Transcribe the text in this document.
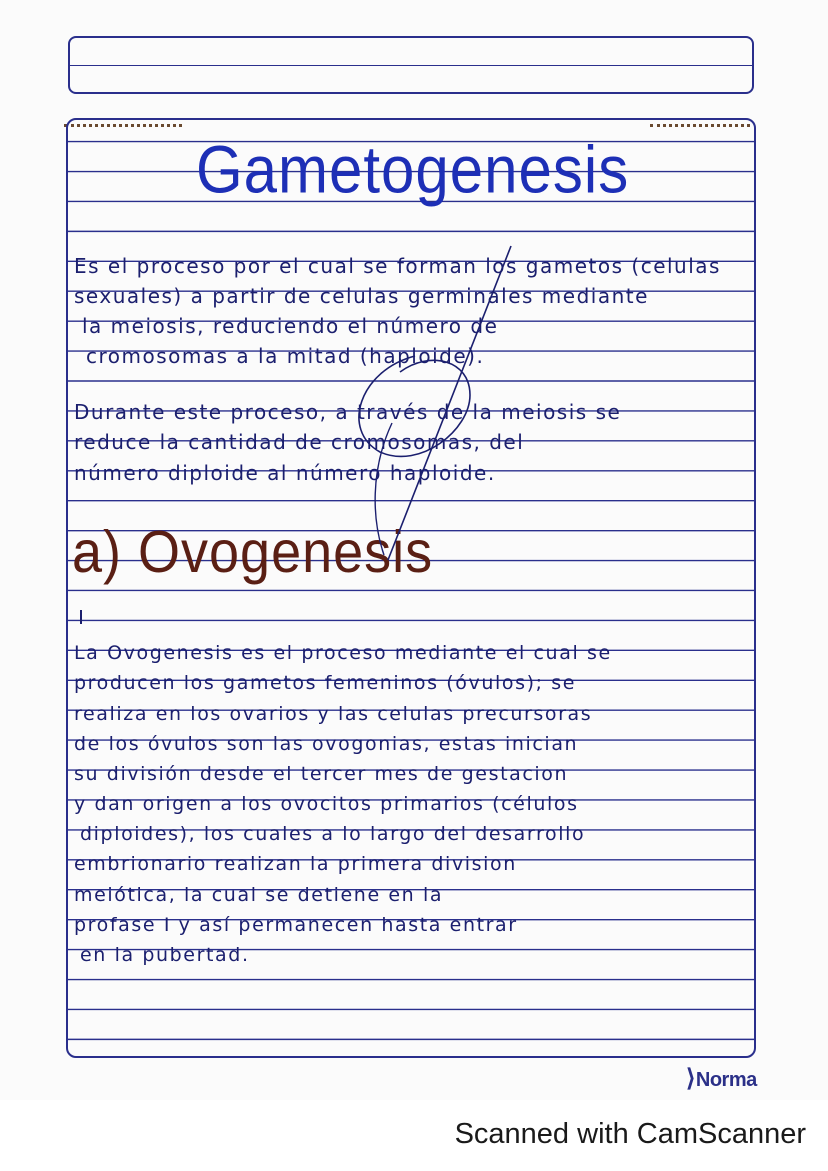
Gametogenesis
Es el proceso por el cual se forman los gametos (celulas
sexuales) a partir de celulas germinales mediante
la meiosis, reduciendo el número de
cromosomas a la mitad (haploide).
Durante este proceso, a través de la meiosis se
reduce la cantidad de cromosomas, del
número diploide al número haploide.
a) Ovogenesis
La Ovogenesis es el proceso mediante el cual se
producen los gametos femeninos (óvulos); se
realiza en los ovarios y las celulas precursoras
de los óvulos son las ovogonias, estas inician
su división desde el tercer mes de gestacion
y dan origen a los ovocitos primarios (célulos
diploides), los cuales a lo largo del desarrollo
embrionario realizan la primera division
meiótica, la cual se detiene en la
profase I y así permanecen hasta entrar
en la pubertad.
⟩Norma
Scanned with CamScanner
